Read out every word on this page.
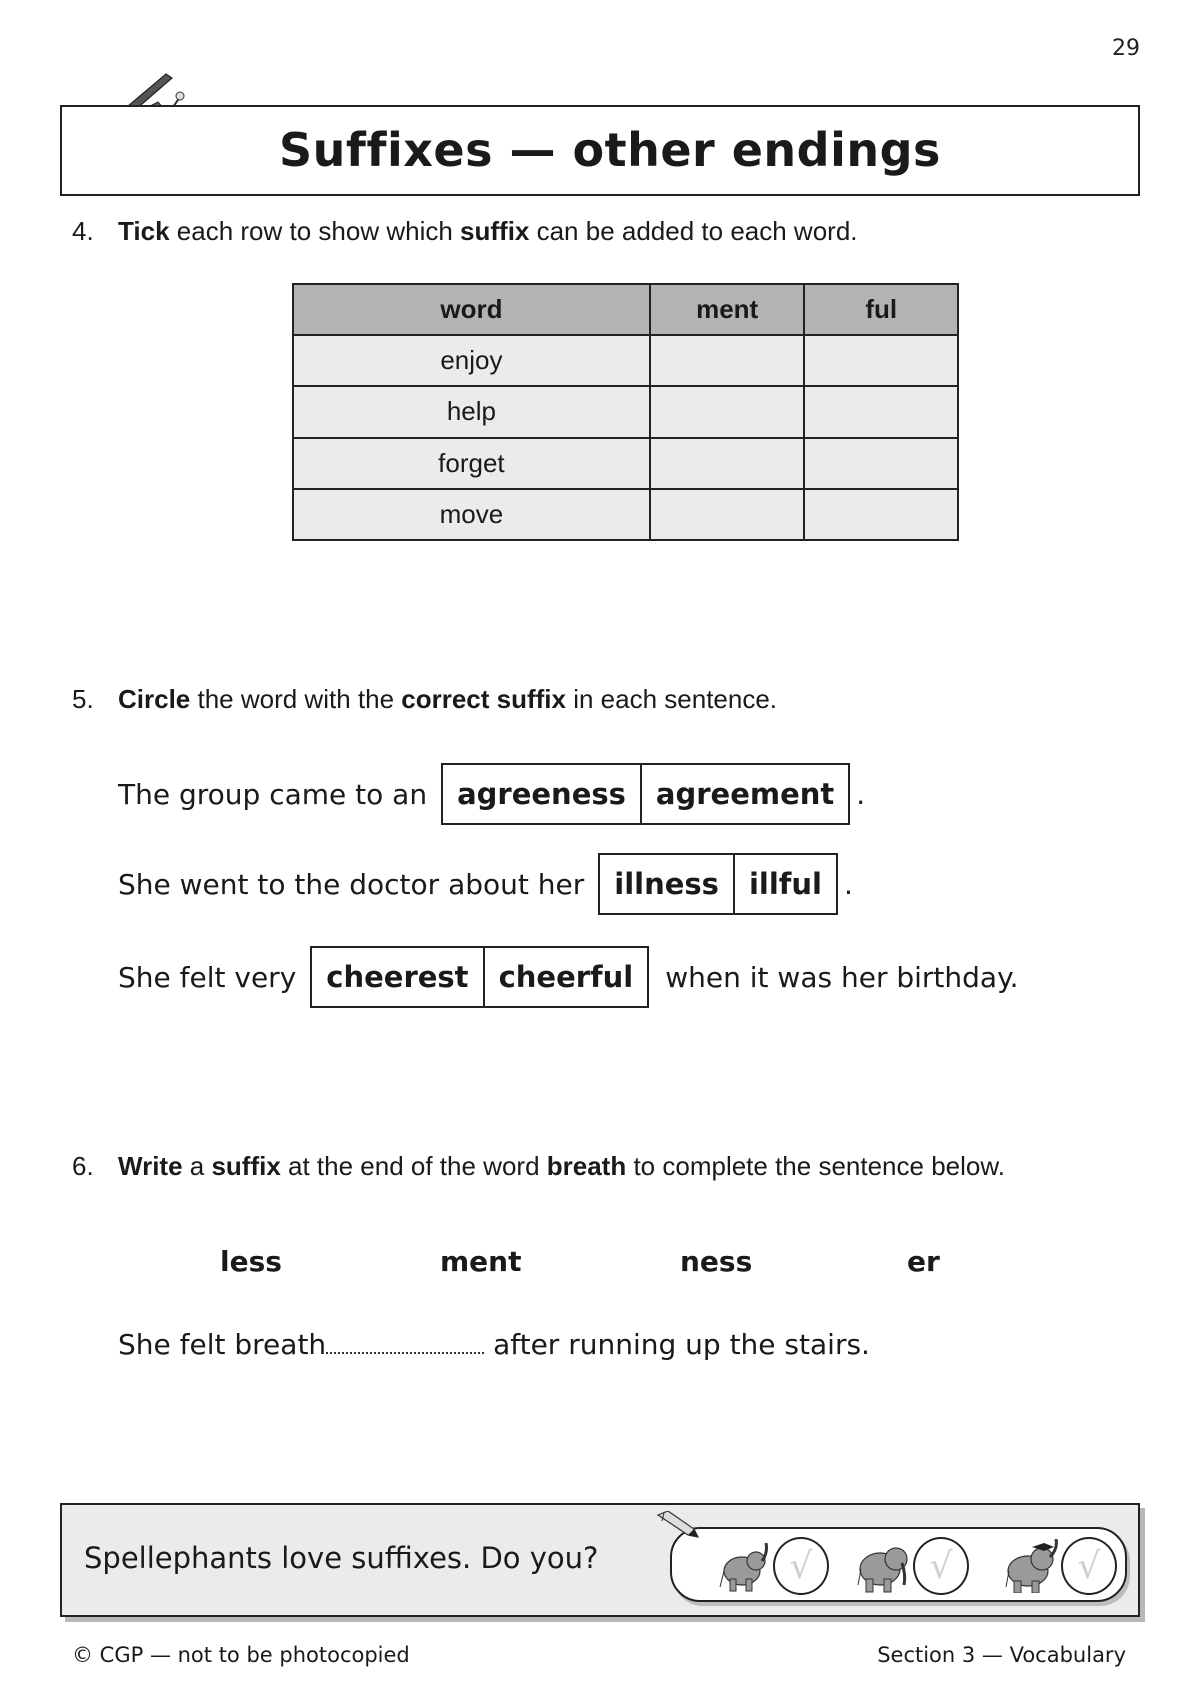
29
Suffixes — other endings
4. Tick each row to show which suffix can be added to each word.
word	ment	ful
enjoy		
help		
forget		
move		
5. Circle the word with the correct suffix in each sentence.
The group came to an	agreeness	agreement .
She went to the doctor about her	illness	illful .
She felt very	cheerest	cheerful	when it was her birthday.
6. Write a suffix at the end of the word breath to complete the sentence below.
less	ment	ness	er
She felt breath	after running up the stairs.
Spellephants love suffixes. Do you?	√	√	√
© CGP — not to be photocopied	Section 3 — Vocabulary
